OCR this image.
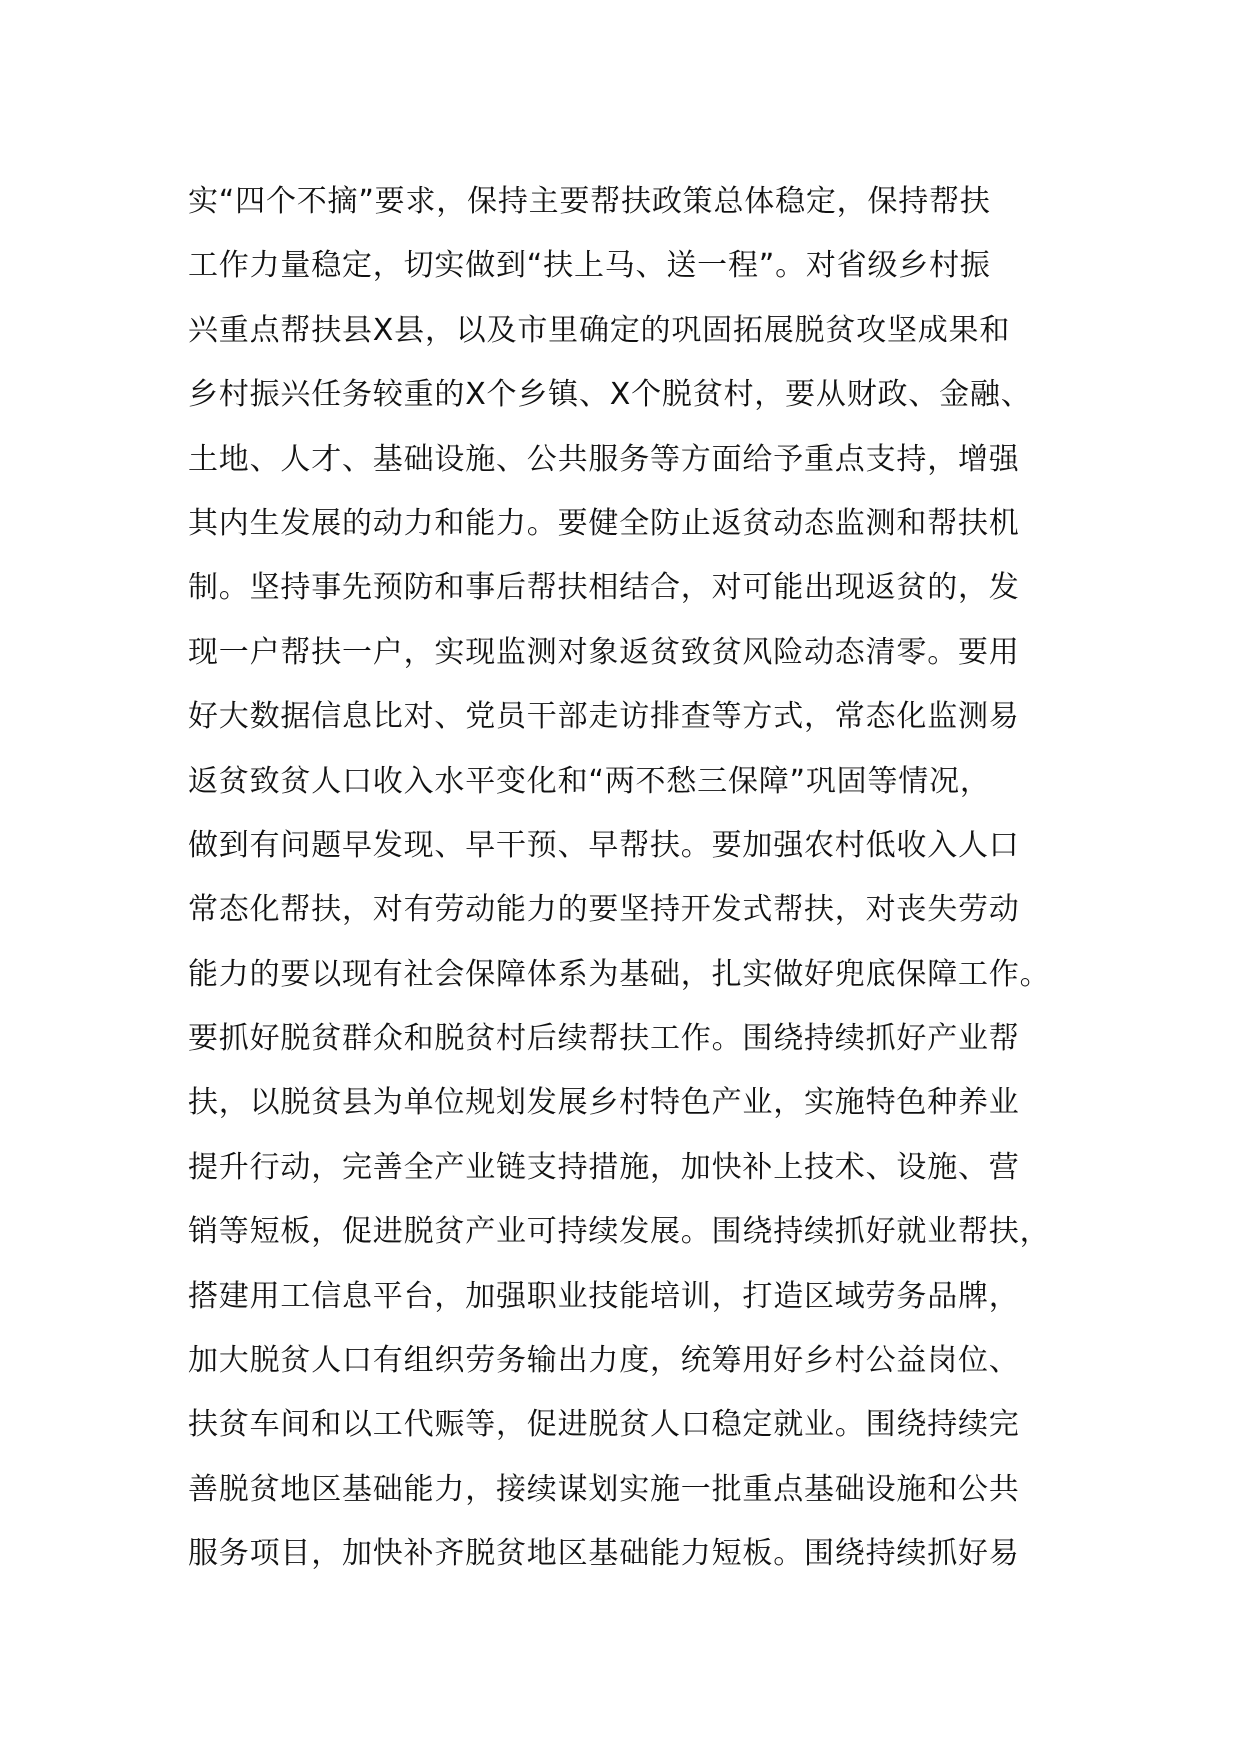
实“四个不摘”要求，保持主要帮扶政策总体稳定，保持帮扶
工作力量稳定，切实做到“扶上马、送一程”。对省级乡村振
兴重点帮扶县X县，以及市里确定的巩固拓展脱贫攻坚成果和
乡村振兴任务较重的X个乡镇、X个脱贫村，要从财政、金融、
土地、人才、基础设施、公共服务等方面给予重点支持，增强
其内生发展的动力和能力。要健全防止返贫动态监测和帮扶机
制。坚持事先预防和事后帮扶相结合，对可能出现返贫的，发
现一户帮扶一户，实现监测对象返贫致贫风险动态清零。要用
好大数据信息比对、党员干部走访排查等方式，常态化监测易
返贫致贫人口收入水平变化和“两不愁三保障”巩固等情况，
做到有问题早发现、早干预、早帮扶。要加强农村低收入人口
常态化帮扶，对有劳动能力的要坚持开发式帮扶，对丧失劳动
能力的要以现有社会保障体系为基础，扎实做好兜底保障工作。
要抓好脱贫群众和脱贫村后续帮扶工作。围绕持续抓好产业帮
扶，以脱贫县为单位规划发展乡村特色产业，实施特色种养业
提升行动，完善全产业链支持措施，加快补上技术、设施、营
销等短板，促进脱贫产业可持续发展。围绕持续抓好就业帮扶，
搭建用工信息平台，加强职业技能培训，打造区域劳务品牌，
加大脱贫人口有组织劳务输出力度，统筹用好乡村公益岗位、
扶贫车间和以工代赈等，促进脱贫人口稳定就业。围绕持续完
善脱贫地区基础能力，接续谋划实施一批重点基础设施和公共
服务项目，加快补齐脱贫地区基础能力短板。围绕持续抓好易
